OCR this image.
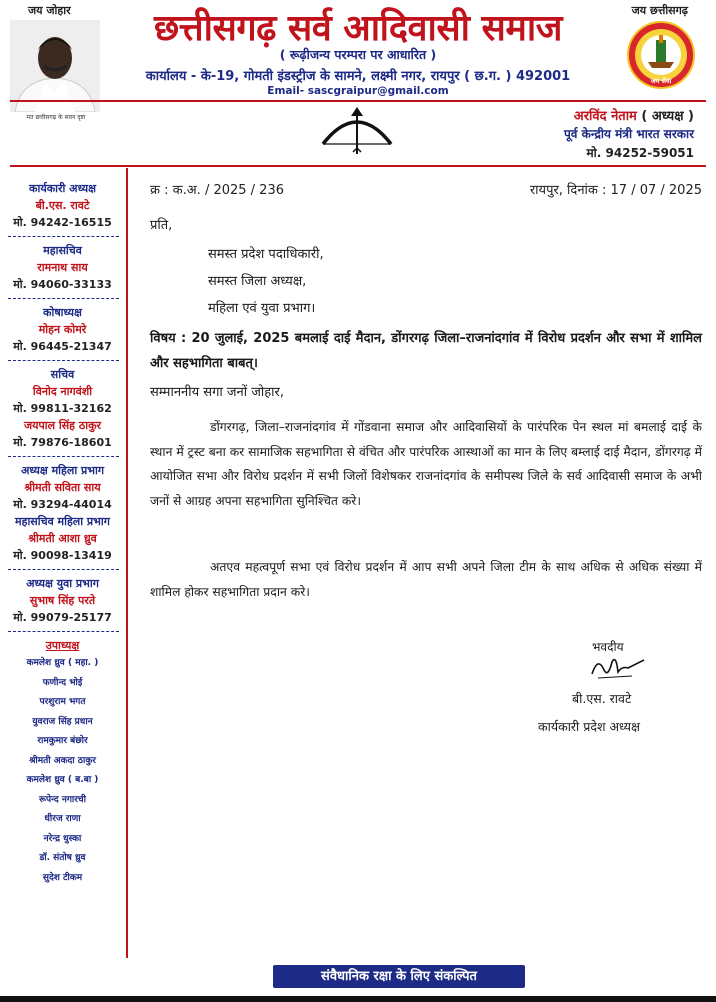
जय जोहार	जय छत्तीसगढ़
मत छत्तीसगढ़ के सवन दृष्टा
जय सेवा
छत्तीसगढ़ सर्व आदिवासी समाज
( रूढ़ीजन्य परम्परा पर आधारित )
कार्यालय - के-19, गोमती इंडस्ट्रीज के सामने, लक्ष्मी नगर, रायपुर ( छ.ग. ) 492001
Email- sascgraipur@gmail.com
अरविंद नेताम ( अध्यक्ष )
पूर्व केन्द्रीय मंत्री भारत सरकार
मो. 94252-59051
कार्यकारी अध्यक्ष
बी.एस. रावटे
मो. 94242-16515
महासचिव
रामनाथ साय
मो. 94060-33133
कोषाध्यक्ष
मोहन कोमरे
मो. 96445-21347
सचिव
विनोद नागवंशी
मो. 99811-32162
जयपाल सिंह ठाकुर
मो. 79876-18601
अध्यक्ष महिला प्रभाग
श्रीमती सविता साय
मो. 93294-44014
महासचिव महिला प्रभाग
श्रीमती आशा ध्रुव
मो. 90098-13419
अध्यक्ष युवा प्रभाग
सुभाष सिंह परते
मो. 99079-25177
उपाध्यक्ष
कमलेश ध्रुव ( महा. )
फणीन्द भोई
परशुराम भगत
युवराज सिंह प्रधान
रामकुमार बंछोर
श्रीमती अकदा ठाकुर
कमलेश ध्रुव ( ब.बा )
रूपेन्द नगारची
धीरज राणा
नरेन्द्र धुस्का
डॉ. संतोष ध्रुव
सुदेश टीकम
क्र : क.अ. / 2025 / 236	रायपुर, दिनांक : 17 / 07 / 2025
प्रति,
समस्त प्रदेश पदाधिकारी,
समस्त जिला अध्यक्ष,
महिला एवं युवा प्रभाग।
विषय : 20 जुलाई, 2025 बमलाई दाई मैदान, डोंगरगढ़ जिला–राजनांदगांव में विरोध प्रदर्शन और सभा में शामिल और सहभागिता बाबत्।
सम्माननीय सगा जनों जोहार,
डोंगरगढ़, जिला–राजनांदगांव में गोंडवाना समाज और आदिवासियों के पारंपरिक पेन स्थल मां बमलाई दाई के स्थान में ट्रस्ट बना कर सामाजिक सहभागिता से वंचित और पारंपरिक आस्थाओं का मान के लिए बम्लाई दाई मैदान, डोंगरगढ़ में आयोजित सभा और विरोध प्रदर्शन में सभी जिलों विशेषकर राजनांदगांव के समीपस्थ जिले के सर्व आदिवासी समाज के अभी जनों से आग्रह अपना सहभागिता सुनिश्चित करे।
अतएव महत्वपूर्ण सभा एवं विरोध प्रदर्शन में आप सभी अपने जिला टीम के साथ अधिक से अधिक संख्या में शामिल होकर सहभागिता प्रदान करे।
भवदीय
बी.एस. रावटे
कार्यकारी प्रदेश अध्यक्ष
संवैधानिक रक्षा के लिए संकल्पित
